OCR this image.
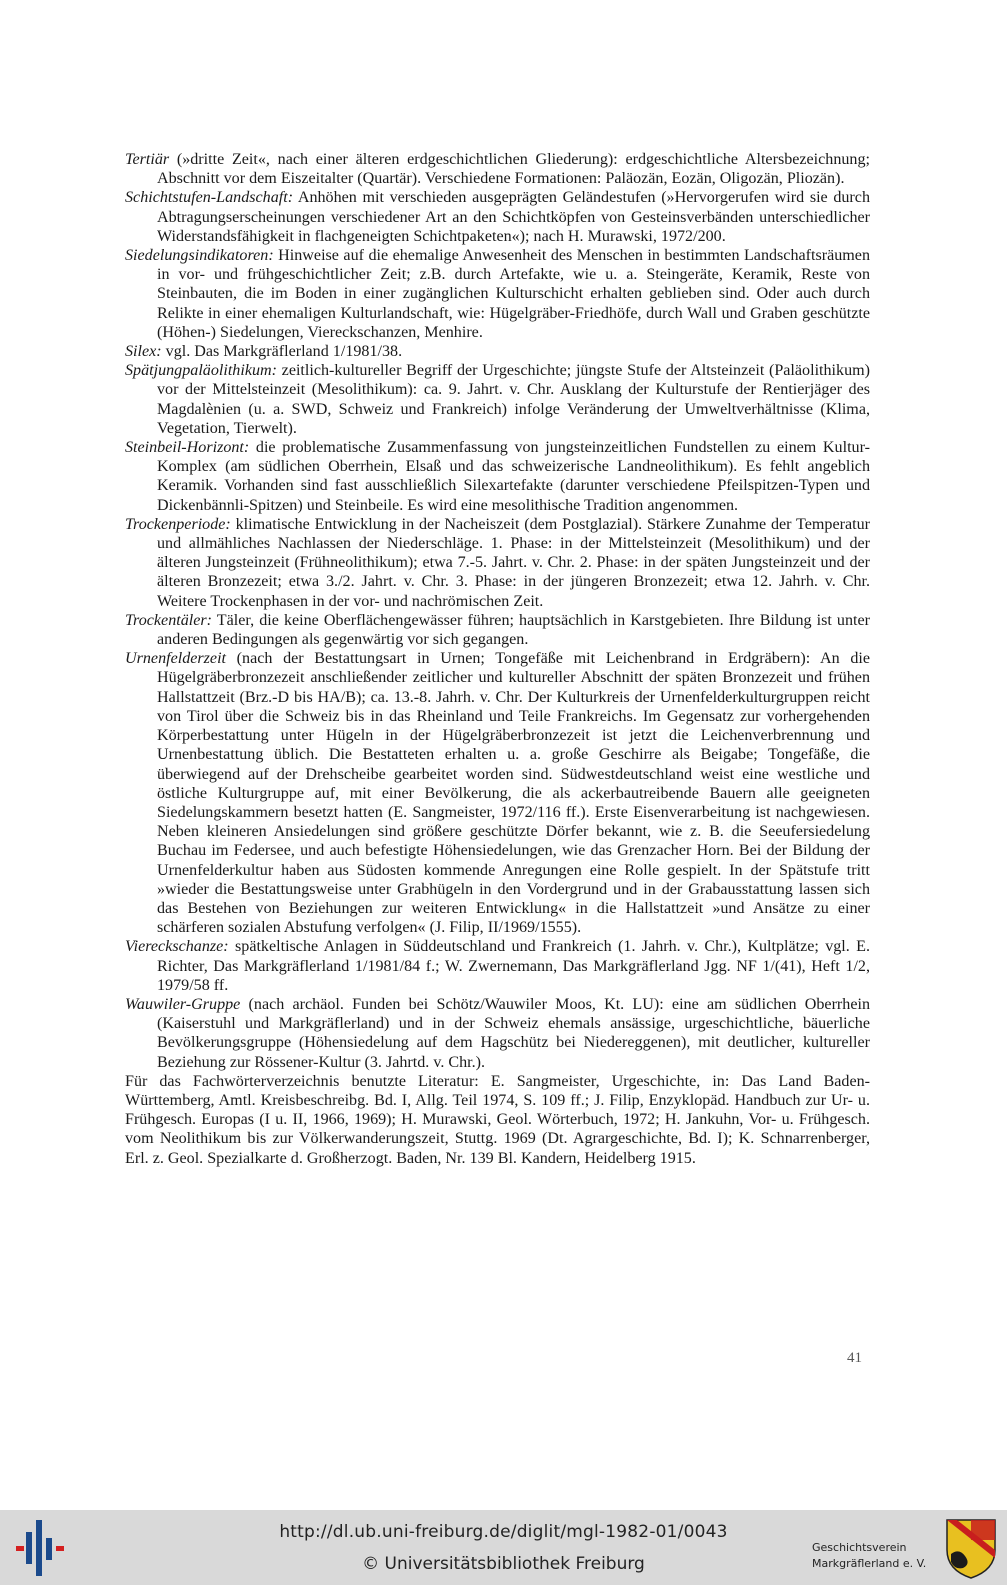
Tertiär (»dritte Zeit«, nach einer älteren erdgeschichtlichen Gliederung): erdgeschichtliche Altersbezeichnung; Abschnitt vor dem Eiszeitalter (Quartär). Verschiedene Formationen: Paläozän, Eozän, Oligozän, Pliozän).

Schichtstufen-Landschaft: Anhöhen mit verschieden ausgeprägten Geländestufen (»Hervorgerufen wird sie durch Abtragungserscheinungen verschiedener Art an den Schichtköpfen von Gesteinsverbänden unterschiedlicher Widerstandsfähigkeit in flachgeneigten Schichtpaketen«); nach H. Murawski, 1972/200.

Siedelungsindikatoren: Hinweise auf die ehemalige Anwesenheit des Menschen in bestimmten Landschaftsräumen in vor- und frühgeschichtlicher Zeit; z.B. durch Artefakte, wie u. a. Steingeräte, Keramik, Reste von Steinbauten, die im Boden in einer zugänglichen Kulturschicht erhalten geblieben sind. Oder auch durch Relikte in einer ehemaligen Kulturlandschaft, wie: Hügelgräber-Friedhöfe, durch Wall und Graben geschützte (Höhen-) Siedelungen, Viereckschanzen, Menhire.

Silex: vgl. Das Markgräflerland 1/1981/38.

Spätjungpaläolithikum: zeitlich-kultureller Begriff der Urgeschichte; jüngste Stufe der Altsteinzeit (Paläolithikum) vor der Mittelsteinzeit (Mesolithikum): ca. 9. Jahrt. v. Chr. Ausklang der Kulturstufe der Rentierjäger des Magdalènien (u. a. SWD, Schweiz und Frankreich) infolge Veränderung der Umweltverhältnisse (Klima, Vegetation, Tierwelt).

Steinbeil-Horizont: die problematische Zusammenfassung von jungsteinzeitlichen Fundstellen zu einem Kultur-Komplex (am südlichen Oberrhein, Elsaß und das schweizerische Landneolithikum). Es fehlt angeblich Keramik. Vorhanden sind fast ausschließlich Silexartefakte (darunter verschiedene Pfeilspitzen-Typen und Dickenbännli-Spitzen) und Steinbeile. Es wird eine mesolithische Tradition angenommen.

Trockenperiode: klimatische Entwicklung in der Nacheiszeit (dem Postglazial). Stärkere Zunahme der Temperatur und allmähliches Nachlassen der Niederschläge. 1. Phase: in der Mittelsteinzeit (Mesolithikum) und der älteren Jungsteinzeit (Frühneolithikum); etwa 7.-5. Jahrt. v. Chr. 2. Phase: in der späten Jungsteinzeit und der älteren Bronzezeit; etwa 3./2. Jahrt. v. Chr. 3. Phase: in der jüngeren Bronzezeit; etwa 12. Jahrh. v. Chr. Weitere Trockenphasen in der vor- und nachrömischen Zeit.

Trockentäler: Täler, die keine Oberflächengewässer führen; hauptsächlich in Karstgebieten. Ihre Bildung ist unter anderen Bedingungen als gegenwärtig vor sich gegangen.

Urnenfelderzeit (nach der Bestattungsart in Urnen; Tongefäße mit Leichenbrand in Erdgräbern): An die Hügelgräberbronzezeit anschließender zeitlicher und kultureller Abschnitt der späten Bronzezeit und frühen Hallstattzeit (Brz.-D bis HA/B); ca. 13.-8. Jahrh. v. Chr. Der Kulturkreis der Urnenfelderkulturgruppen reicht von Tirol über die Schweiz bis in das Rheinland und Teile Frankreichs. Im Gegensatz zur vorhergehenden Körperbestattung unter Hügeln in der Hügelgräberbronzezeit ist jetzt die Leichenverbrennung und Urnenbestattung üblich. Die Bestatteten erhalten u. a. große Geschirre als Beigabe; Tongefäße, die überwiegend auf der Drehscheibe gearbeitet worden sind. Südwestdeutschland weist eine westliche und östliche Kulturgruppe auf, mit einer Bevölkerung, die als ackerbautreibende Bauern alle geeigneten Siedelungskammern besetzt hatten (E. Sangmeister, 1972/116 ff.). Erste Eisenverarbeitung ist nachgewiesen. Neben kleineren Ansiedelungen sind größere geschützte Dörfer bekannt, wie z. B. die Seeufersiedelung Buchau im Federsee, und auch befestigte Höhensiedelungen, wie das Grenzacher Horn. Bei der Bildung der Urnenfelderkultur haben aus Südosten kommende Anregungen eine Rolle gespielt. In der Spätstufe tritt »wieder die Bestattungsweise unter Grabhügeln in den Vordergrund und in der Grabausstattung lassen sich das Bestehen von Beziehungen zur weiteren Entwicklung« in die Hallstattzeit »und Ansätze zu einer schärferen sozialen Abstufung verfolgen« (J. Filip, II/1969/1555).

Viereckschanze: spätkeltische Anlagen in Süddeutschland und Frankreich (1. Jahrh. v. Chr.), Kultplätze; vgl. E. Richter, Das Markgräflerland 1/1981/84 f.; W. Zwernemann, Das Markgräflerland Jgg. NF 1/(41), Heft 1/2, 1979/58 ff.

Wauwiler-Gruppe (nach archäol. Funden bei Schötz/Wauwiler Moos, Kt. LU): eine am südlichen Oberrhein (Kaiserstuhl und Markgräflerland) und in der Schweiz ehemals ansässige, urgeschichtliche, bäuerliche Bevölkerungsgruppe (Höhensiedelung auf dem Hagschütz bei Niedereggenen), mit deutlicher, kultureller Beziehung zur Rössener-Kultur (3. Jahrtd. v. Chr.).

Für das Fachwörterverzeichnis benutzte Literatur: E. Sangmeister, Urgeschichte, in: Das Land Baden-Württemberg, Amtl. Kreisbeschreibg. Bd. I, Allg. Teil 1974, S. 109 ff.; J. Filip, Enzyklopäd. Handbuch zur Ur- u. Frühgesch. Europas (I u. II, 1966, 1969); H. Murawski, Geol. Wörterbuch, 1972; H. Jankuhn, Vor- u. Frühgesch. vom Neolithikum bis zur Völkerwanderungszeit, Stuttg. 1969 (Dt. Agrargeschichte, Bd. I); K. Schnarrenberger, Erl. z. Geol. Spezialkarte d. Großherzogt. Baden, Nr. 139 Bl. Kandern, Heidelberg 1915.

41
http://dl.ub.uni-freiburg.de/diglit/mgl-1982-01/0043
© Universitätsbibliothek Freiburg
Geschichtsverein
Markgräflerland e. V.
